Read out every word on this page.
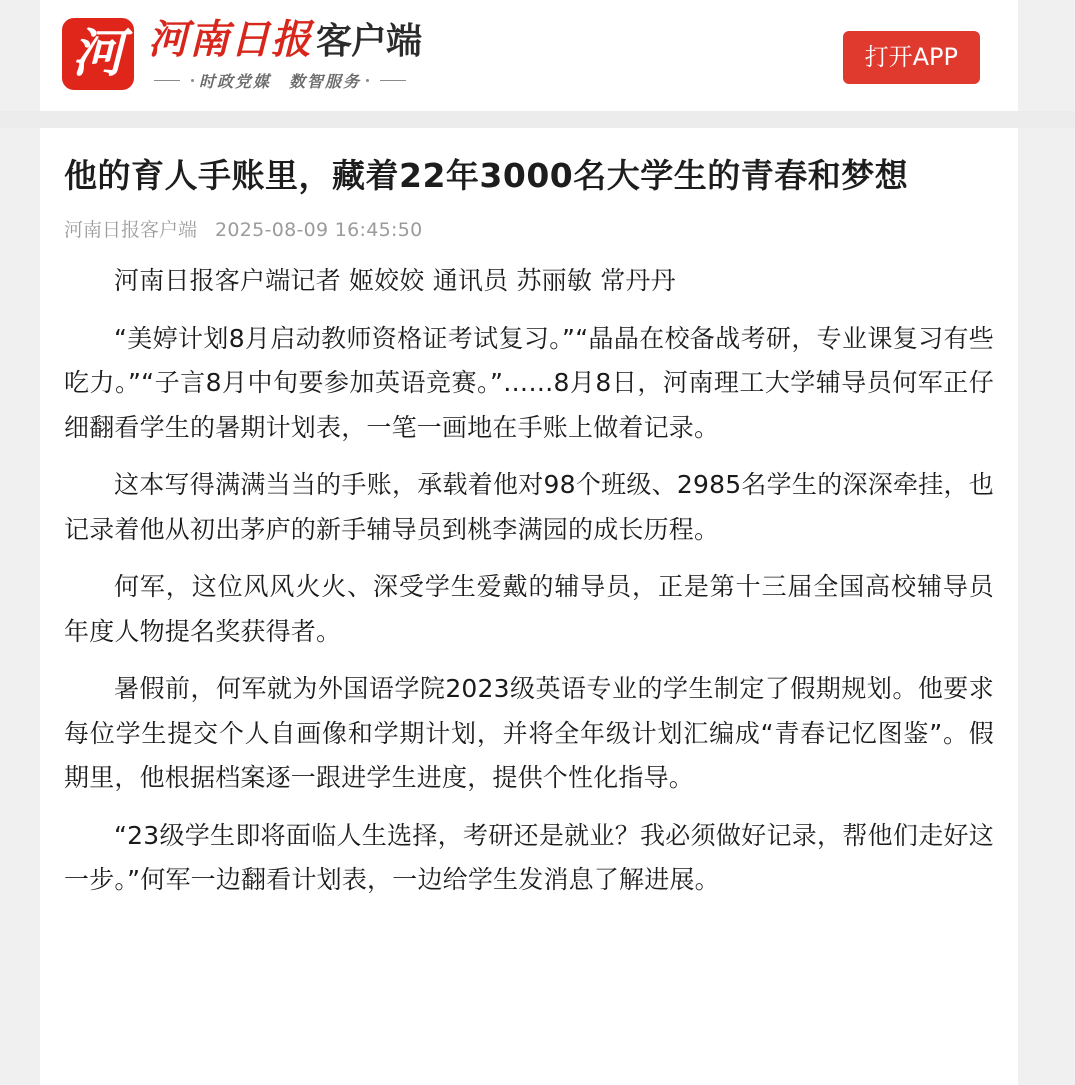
河 河南日报 客户端
时政党媒　数智服务
打开APP
他的育人手账里，藏着22年3000名大学生的青春和梦想
河南日报客户端 2025-08-09 16:45:50

河南日报客户端记者 姬姣姣 通讯员 苏丽敏 常丹丹

“美婷计划8月启动教师资格证考试复习。”“晶晶在校备战考研，专业课复习有些吃力。”“子言8月中旬要参加英语竞赛。”……8月8日，河南理工大学辅导员何军正仔细翻看学生的暑期计划表，一笔一画地在手账上做着记录。

这本写得满满当当的手账，承载着他对98个班级、2985名学生的深深牵挂，也记录着他从初出茅庐的新手辅导员到桃李满园的成长历程。

何军，这位风风火火、深受学生爱戴的辅导员，正是第十三届全国高校辅导员年度人物提名奖获得者。

暑假前，何军就为外国语学院2023级英语专业的学生制定了假期规划。他要求每位学生提交个人自画像和学期计划，并将全年级计划汇编成“青春记忆图鉴”。假期里，他根据档案逐一跟进学生进度，提供个性化指导。

“23级学生即将面临人生选择，考研还是就业？我必须做好记录，帮他们走好这一步。”何军一边翻看计划表，一边给学生发消息了解进展。
